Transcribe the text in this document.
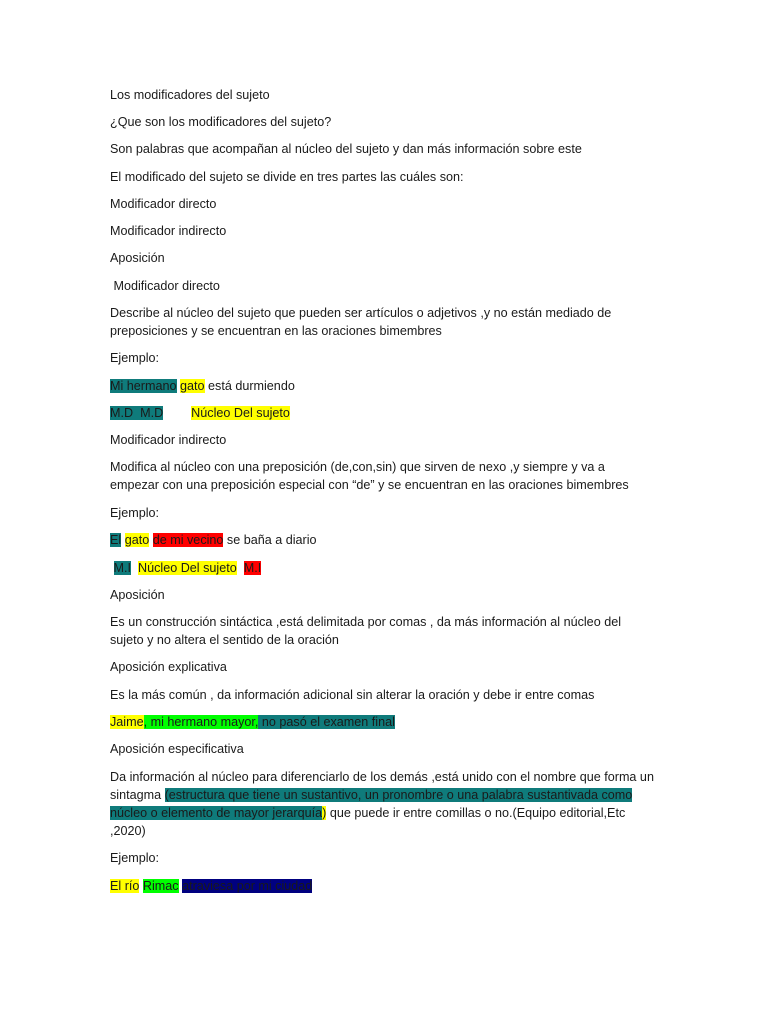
Los modificadores del sujeto
¿Que son los modificadores del sujeto?
Son palabras que acompañan al núcleo del sujeto y dan más información sobre este
El modificado del sujeto se divide en tres partes las cuáles son:
Modificador directo
Modificador indirecto
Aposición
Modificador directo
Describe al núcleo del sujeto que pueden ser artículos o adjetivos ,y no están mediado de preposiciones y se encuentran en las oraciones bimembres
Ejemplo:
Mi hermano gato está durmiendo
M.D  M.D Núcleo Del sujeto
Modificador indirecto
Modifica al núcleo con una preposición (de,con,sin) que sirven de nexo ,y siempre y va a empezar con una preposición especial con “de” y se encuentran en las oraciones bimembres
Ejemplo:
El gato de mi vecino se baña a diario
M.I Núcleo Del sujeto M.I
Aposición
Es un construcción sintáctica ,está delimitada por comas , da más información al núcleo del sujeto y no altera el sentido de la oración
Aposición explicativa
Es la más común , da información adicional sin alterar la oración y debe ir entre comas
Jaime, mi hermano mayor, no pasó el examen final
Aposición especificativa
Da información al núcleo para diferenciarlo de los demás ,está unido con el nombre que forma un sintagma (estructura que tiene un sustantivo, un pronombre o una palabra sustantivada como núcleo o elemento de mayor jerarquía) que puede ir entre comillas o no.(Equipo editorial,Etc ,2020)
Ejemplo:
El río Rimac atraviesa por mi ciudad
